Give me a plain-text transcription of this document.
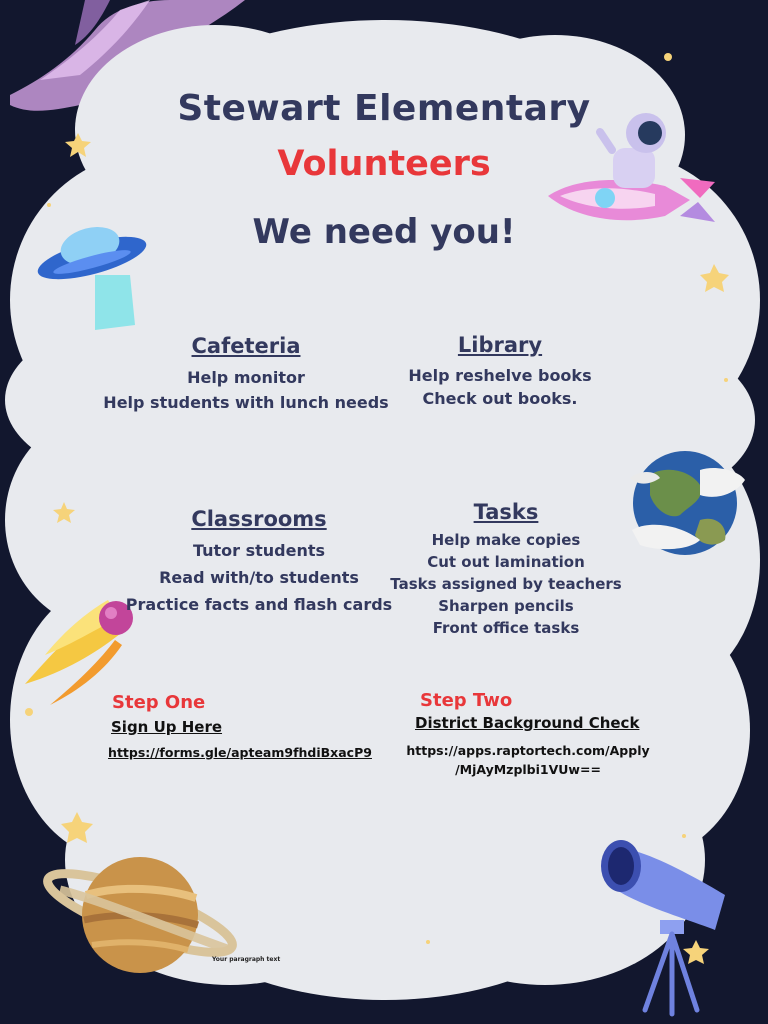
Stewart Elementary
Volunteers
We need you!
Cafeteria
Help monitor
Help students with lunch needs
Library
Help reshelve books
Check out books.
Classrooms
Tutor students
Read with/to students
Practice facts and flash cards
Tasks
Help make copies
Cut out lamination
Tasks assigned by teachers
Sharpen pencils
Front office tasks
Step One
Sign Up Here
https://forms.gle/apteam9fhdiBxacP9
Step Two
District Background Check
https://apps.raptortech.com/Apply
/MjAyMzplbi1VUw==
Your paragraph text
